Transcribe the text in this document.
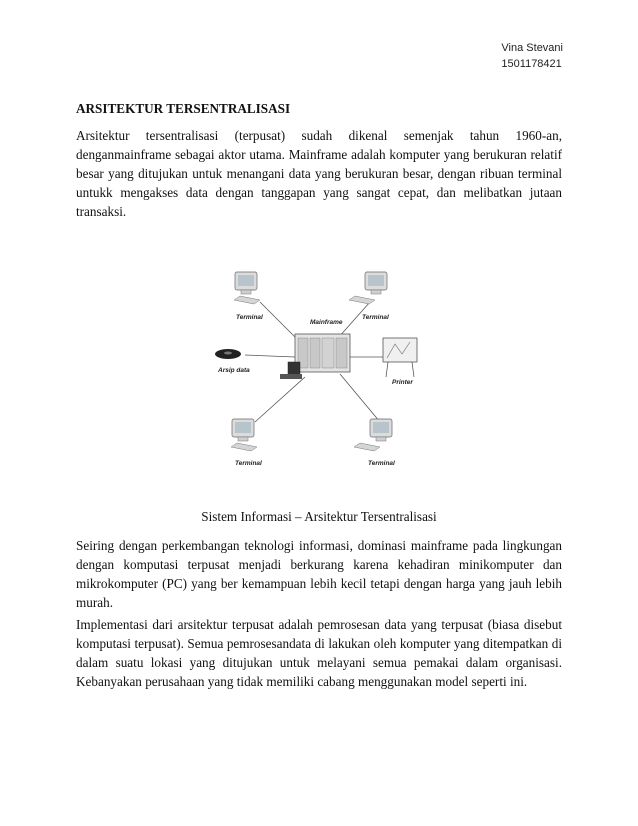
Vina Stevani
1501178421
ARSITEKTUR TERSENTRALISASI

Arsitektur tersentralisasi (terpusat) sudah dikenal semenjak tahun 1960-an, denganmainframe sebagai aktor utama. Mainframe adalah komputer yang berukuran relatif besar yang ditujukan untuk menangani data yang berukuran besar, dengan ribuan terminal untukk mengakses data dengan tanggapan yang sangat cepat, dan melibatkan jutaan transaksi.

Terminal	Terminal
Mainframe
Arsip data
Printer
Terminal	Terminal
Sistem Informasi – Arsitektur Tersentralisasi

Seiring dengan perkembangan teknologi informasi, dominasi mainframe pada lingkungan dengan komputasi terpusat menjadi berkurang karena kehadiran minikomputer dan mikrokomputer (PC) yang ber kemampuan lebih kecil tetapi dengan harga yang jauh lebih murah.

Implementasi dari arsitektur terpusat adalah pemrosesan data yang terpusat (biasa disebut komputasi terpusat). Semua pemrosesandata di lakukan oleh komputer yang ditempatkan di dalam suatu lokasi yang ditujukan untuk melayani semua pemakai dalam organisasi. Kebanyakan perusahaan yang tidak memiliki cabang menggunakan model seperti ini.
